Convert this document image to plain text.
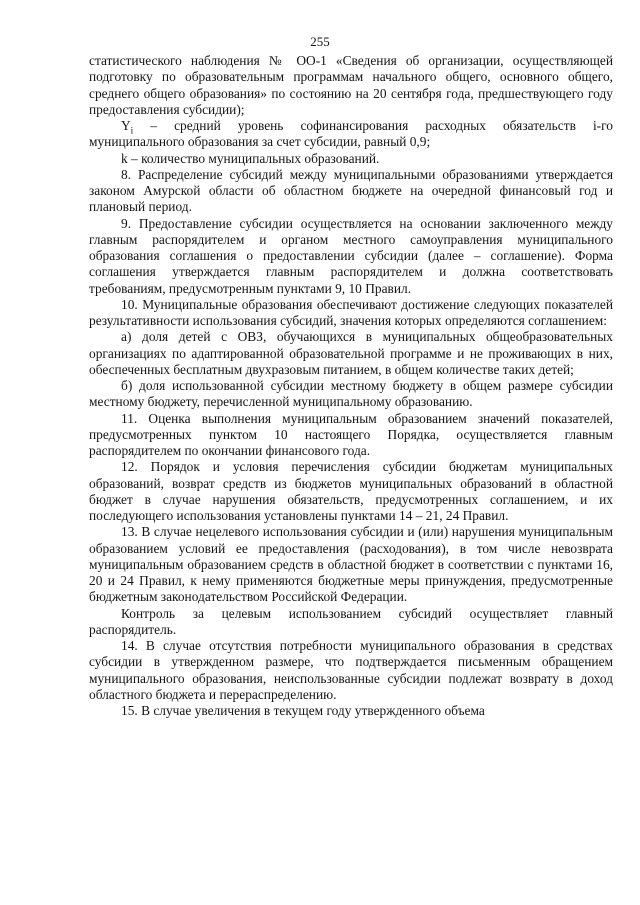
255

статистического наблюдения № ОО-1 «Сведения об организации, осуществляющей подготовку по образовательным программам начального общего, основного общего, среднего общего образования» по состоянию на 20 сентября года, предшествующего году предоставления субсидии);

$Y_i$ – средний уровень софинансирования расходных обязательств i-го муниципального образования за счет субсидии, равный 0,9;

k – количество муниципальных образований.

8. Распределение субсидий между муниципальными образованиями утверждается законом Амурской области об областном бюджете на очередной финансовый год и плановый период.

9. Предоставление субсидии осуществляется на основании заключенного между главным распорядителем и органом местного самоуправления муниципального образования соглашения о предоставлении субсидии (далее – соглашение). Форма соглашения утверждается главным распорядителем и должна соответствовать требованиям, предусмотренным пунктами 9, 10 Правил.

10. Муниципальные образования обеспечивают достижение следующих показателей результативности использования субсидий, значения которых определяются соглашением:

а) доля детей с ОВЗ, обучающихся в муниципальных общеобразовательных организациях по адаптированной образовательной программе и не проживающих в них, обеспеченных бесплатным двухразовым питанием, в общем количестве таких детей;

б) доля использованной субсидии местному бюджету в общем размере субсидии местному бюджету, перечисленной муниципальному образованию.

11. Оценка выполнения муниципальным образованием значений показателей, предусмотренных пунктом 10 настоящего Порядка, осуществляется главным распорядителем по окончании финансового года.

12. Порядок и условия перечисления субсидии бюджетам муниципальных образований, возврат средств из бюджетов муниципальных образований в областной бюджет в случае нарушения обязательств, предусмотренных соглашением, и их последующего использования установлены пунктами 14 – 21, 24 Правил.

13. В случае нецелевого использования субсидии и (или) нарушения муниципальным образованием условий ее предоставления (расходования), в том числе невозврата муниципальным образованием средств в областной бюджет в соответствии с пунктами 16, 20 и 24 Правил, к нему применяются бюджетные меры принуждения, предусмотренные бюджетным законодательством Российской Федерации.

Контроль за целевым использованием субсидий осуществляет главный распорядитель.

14. В случае отсутствия потребности муниципального образования в средствах субсидии в утвержденном размере, что подтверждается письменным обращением муниципального образования, неиспользованные субсидии подлежат возврату в доход областного бюджета и перераспределению.

15. В случае увеличения в текущем году утвержденного объема
